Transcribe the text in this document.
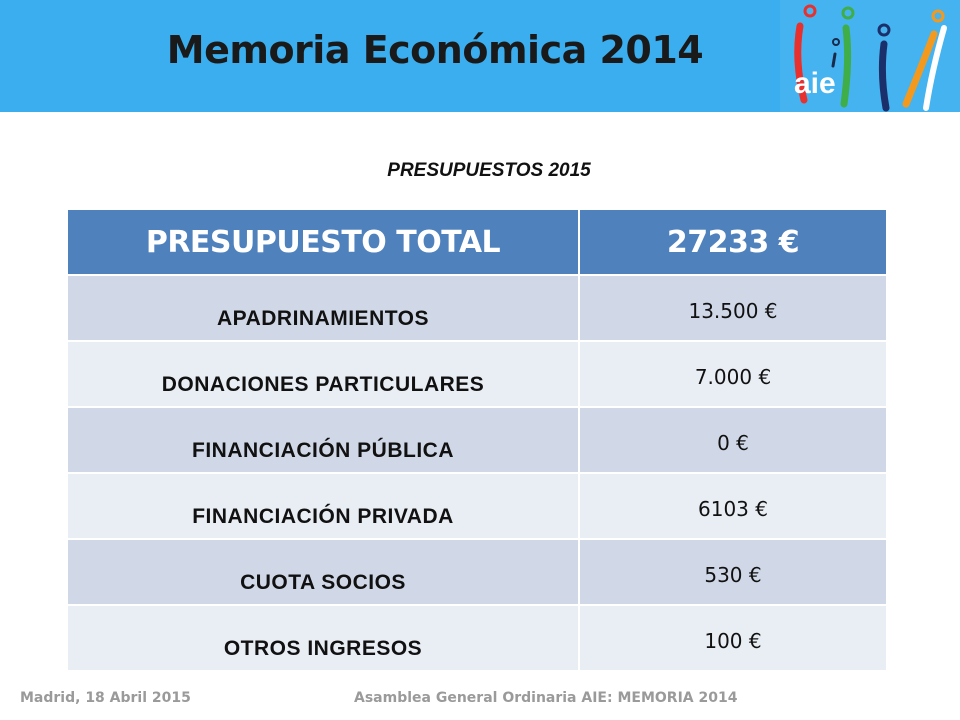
Memoria Económica 2014
aie
PRESUPUESTOS 2015
PRESUPUESTO TOTAL	27233 €
APADRINAMIENTOS	13.500 €
DONACIONES PARTICULARES	7.000 €
FINANCIACIÓN PÚBLICA	0 €
FINANCIACIÓN PRIVADA	6103 €
CUOTA SOCIOS	530 €
OTROS INGRESOS	100 €
Madrid, 18 Abril 2015	Asamblea General Ordinaria AIE: MEMORIA 2014
